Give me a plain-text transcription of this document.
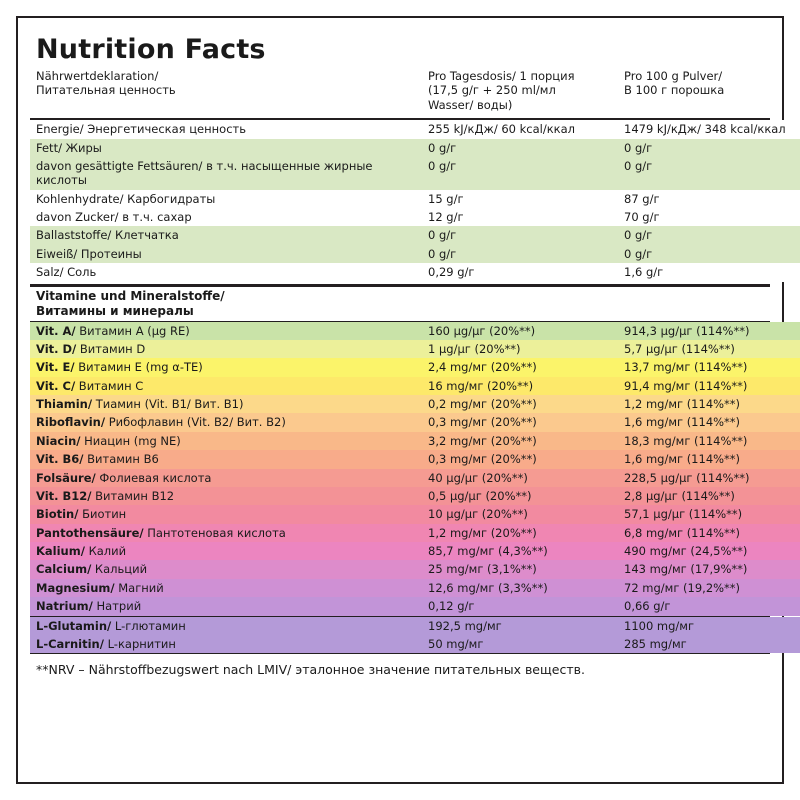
Nutrition Facts
Nährwertdeklaration/
Питательная ценность

Pro Tagesdosis/ 1 порция
(17,5 g/г + 250 ml/мл
Wasser/ воды)

Pro 100 g Pulver/
В 100 г порошка
Energie/ Энергетическая ценность	255 kJ/кДж/ 60 kcal/ккал	1479 kJ/кДж/ 348 kcal/ккал
Fett/ Жиры	0 g/г	0 g/г
davon gesättigte Fettsäuren/ в т.ч. насыщенные жирные кислоты	0 g/г	0 g/г
Kohlenhydrate/ Карбогидраты	15 g/г	87 g/г
davon Zucker/ в т.ч. сахар	12 g/г	70 g/г
Ballaststoffe/ Клетчатка	0 g/г	0 g/г
Eiweiß/ Протеины	0 g/г	0 g/г
Salz/ Соль	0,29 g/г	1,6 g/г
Vitamine und Mineralstoffe/
Витамины и минералы
Vit. A/ Витамин A (µg RE)	160 µg/µг (20%**)	914,3 µg/µг (114%**)
Vit. D/ Витамин D	1 µg/µг (20%**)	5,7 µg/µг (114%**)
Vit. E/ Витамин E (mg α-TE)	2,4 mg/мг (20%**)	13,7 mg/мг (114%**)
Vit. C/ Витамин C	16 mg/мг (20%**)	91,4 mg/мг (114%**)
Thiamin/ Тиамин (Vit. B1/ Вит. B1)	0,2 mg/мг (20%**)	1,2 mg/мг (114%**)
Riboflavin/ Рибофлавин (Vit. B2/ Вит. B2)	0,3 mg/мг (20%**)	1,6 mg/мг (114%**)
Niacin/ Ниацин (mg NE)	3,2 mg/мг (20%**)	18,3 mg/мг (114%**)
Vit. B6/ Витамин B6	0,3 mg/мг (20%**)	1,6 mg/мг (114%**)
Folsäure/ Фолиевая кислота	40 µg/µг (20%**)	228,5 µg/µг (114%**)
Vit. B12/ Витамин B12	0,5 µg/µг (20%**)	2,8 µg/µг (114%**)
Biotin/ Биотин	10 µg/µг (20%**)	57,1 µg/µг (114%**)
Pantothensäure/ Пантотеновая кислота	1,2 mg/мг (20%**)	6,8 mg/мг (114%**)
Kalium/ Калий	85,7 mg/мг (4,3%**)	490 mg/мг (24,5%**)
Calcium/ Кальций	25 mg/мг (3,1%**)	143 mg/мг (17,9%**)
Magnesium/ Магний	12,6 mg/мг (3,3%**)	72 mg/мг (19,2%**)
Natrium/ Натрий	0,12 g/г	0,66 g/г
L-Glutamin/ L-глютамин	192,5 mg/мг	1100 mg/мг
L-Carnitin/ L-карнитин	50 mg/мг	285 mg/мг
**NRV – Nährstoffbezugswert nach LMIV/ эталонное значение питательных веществ.
